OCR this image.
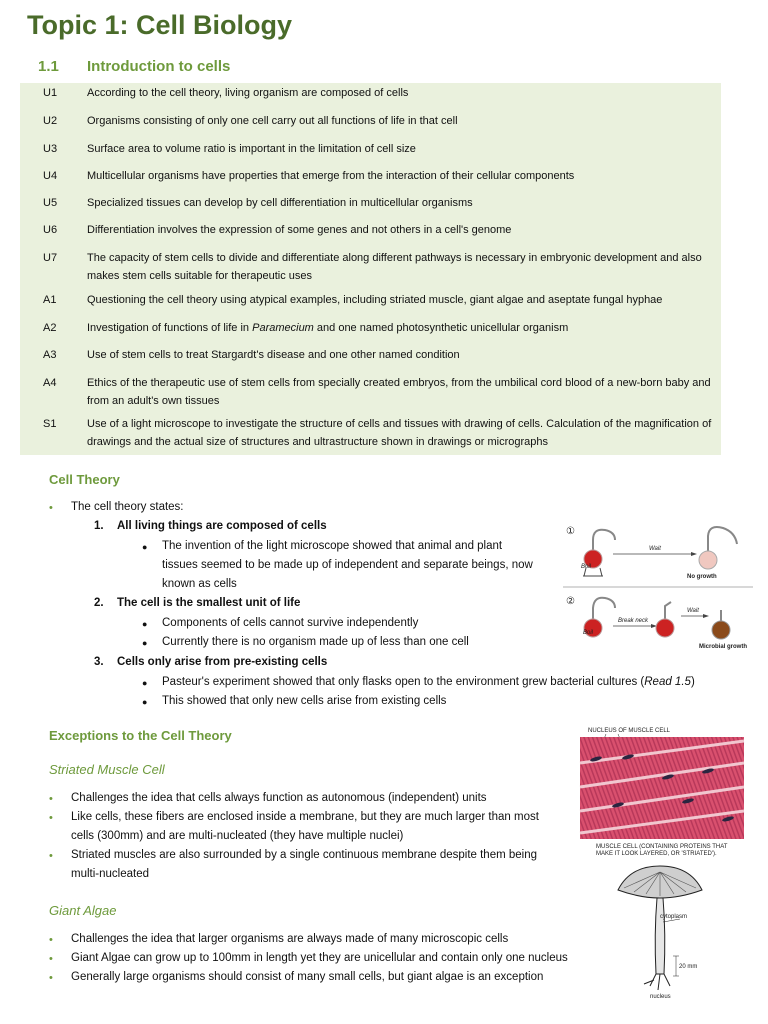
Topic 1: Cell Biology
1.1 Introduction to cells
U1	According to the cell theory, living organism are composed of cells
U2	Organisms consisting of only one cell carry out all functions of life in that cell
U3	Surface area to volume ratio is important in the limitation of cell size
U4	Multicellular organisms have properties that emerge from the interaction of their cellular components
U5	Specialized tissues can develop by cell differentiation in multicellular organisms
U6	Differentiation involves the expression of some genes and not others in a cell's genome
U7	The capacity of stem cells to divide and differentiate along different pathways is necessary in embryonic development and also makes stem cells suitable for therapeutic uses
A1	Questioning the cell theory using atypical examples, including striated muscle, giant algae and aseptate fungal hyphae
A2	Investigation of functions of life in Paramecium and one named photosynthetic unicellular organism
A3	Use of stem cells to treat Stargardt's disease and one other named condition
A4	Ethics of the therapeutic use of stem cells from specially created embryos, from the umbilical cord blood of a new-born baby and from an adult's own tissues
S1	Use of a light microscope to investigate the structure of cells and tissues with drawing of cells. Calculation of the magnification of drawings and the actual size of structures and ultrastructure shown in drawings or micrographs
Cell Theory
• The cell theory states:
1. All living things are composed of cells
● The invention of the light microscope showed that animal and plant
tissues seemed to be made up of independent and separate beings, now
known as cells
2. The cell is the smallest unit of life
● Components of cells cannot survive independently
● Currently there is no organism made up of less than one cell
3. Cells only arise from pre-existing cells
● Pasteur's experiment showed that only flasks open to the environment grew bacterial cultures (Read 1.5)
● This showed that only new cells arise from existing cells
Exceptions to the Cell Theory
Striated Muscle Cell
• Challenges the idea that cells always function as autonomous (independent) units
• Like cells, these fibers are enclosed inside a membrane, but they are much larger than most
cells (300mm) and are multi-nucleated (they have multiple nuclei)
• Striated muscles are also surrounded by a single continuous membrane despite them being
multi-nucleated
Giant Algae
• Challenges the idea that larger organisms are always made of many microscopic cells
• Giant Algae can grow up to 100mm in length yet they are unicellular and contain only one nucleus
• Generally large organisms should consist of many small cells, but giant algae is an exception
①
Boil
Wait
No growth
②
Boil
Break neck
Wait
Microbial growth
NUCLEUS OF MUSCLE CELL
MUSCLE CELL (CONTAINING PROTEINS THAT
MAKE IT LOOK LAYERED, OR 'STRIATED').
cytoplasm
20 mm
nucleus
